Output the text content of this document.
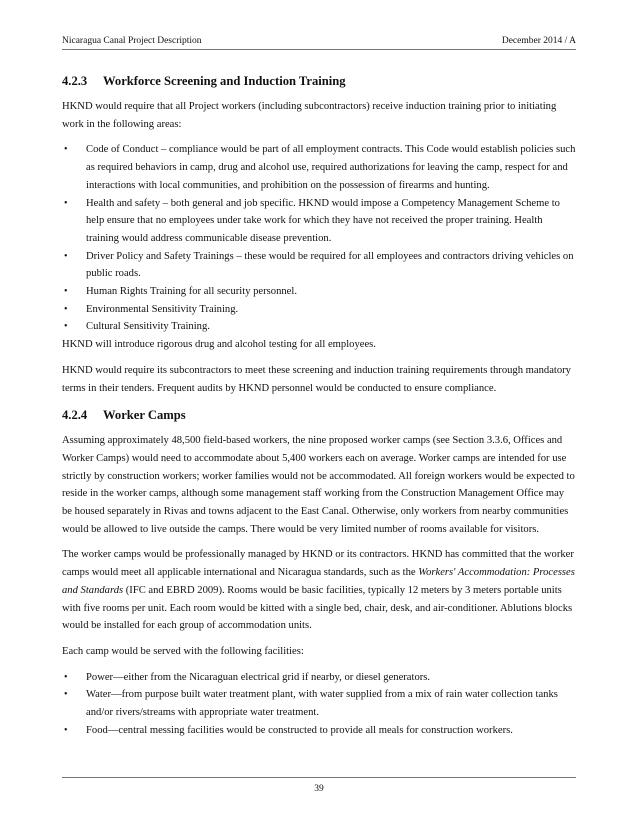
Nicaragua Canal Project Description	December 2014 / A
4.2.3 Workforce Screening and Induction Training

HKND would require that all Project workers (including subcontractors) receive induction training prior to initiating work in the following areas:

• Code of Conduct – compliance would be part of all employment contracts. This Code would establish policies such as required behaviors in camp, drug and alcohol use, required authorizations for leaving the camp, respect for and interactions with local communities, and prohibition on the possession of firearms and hunting.
• Health and safety – both general and job specific. HKND would impose a Competency Management Scheme to help ensure that no employees under take work for which they have not received the proper training. Health training would address communicable disease prevention.
• Driver Policy and Safety Trainings – these would be required for all employees and contractors driving vehicles on public roads.
• Human Rights Training for all security personnel.
• Environmental Sensitivity Training.
• Cultural Sensitivity Training.

HKND will introduce rigorous drug and alcohol testing for all employees.

HKND would require its subcontractors to meet these screening and induction training requirements through mandatory terms in their tenders. Frequent audits by HKND personnel would be conducted to ensure compliance.

4.2.4 Worker Camps

Assuming approximately 48,500 field-based workers, the nine proposed worker camps (see Section 3.3.6, Offices and Worker Camps) would need to accommodate about 5,400 workers each on average. Worker camps are intended for use strictly by construction workers; worker families would not be accommodated. All foreign workers would be expected to reside in the worker camps, although some management staff working from the Construction Management Office may be housed separately in Rivas and towns adjacent to the East Canal. Otherwise, only workers from nearby communities would be allowed to live outside the camps. There would be very limited number of rooms available for visitors.

The worker camps would be professionally managed by HKND or its contractors. HKND has committed that the worker camps would meet all applicable international and Nicaragua standards, such as the Workers' Accommodation: Processes and Standards (IFC and EBRD 2009). Rooms would be basic facilities, typically 12 meters by 3 meters portable units with five rooms per unit. Each room would be kitted with a single bed, chair, desk, and air-conditioner. Ablutions blocks would be installed for each group of accommodation units.

Each camp would be served with the following facilities:

• Power—either from the Nicaraguan electrical grid if nearby, or diesel generators.
• Water—from purpose built water treatment plant, with water supplied from a mix of rain water collection tanks and/or rivers/streams with appropriate water treatment.
• Food—central messing facilities would be constructed to provide all meals for construction workers.
39
